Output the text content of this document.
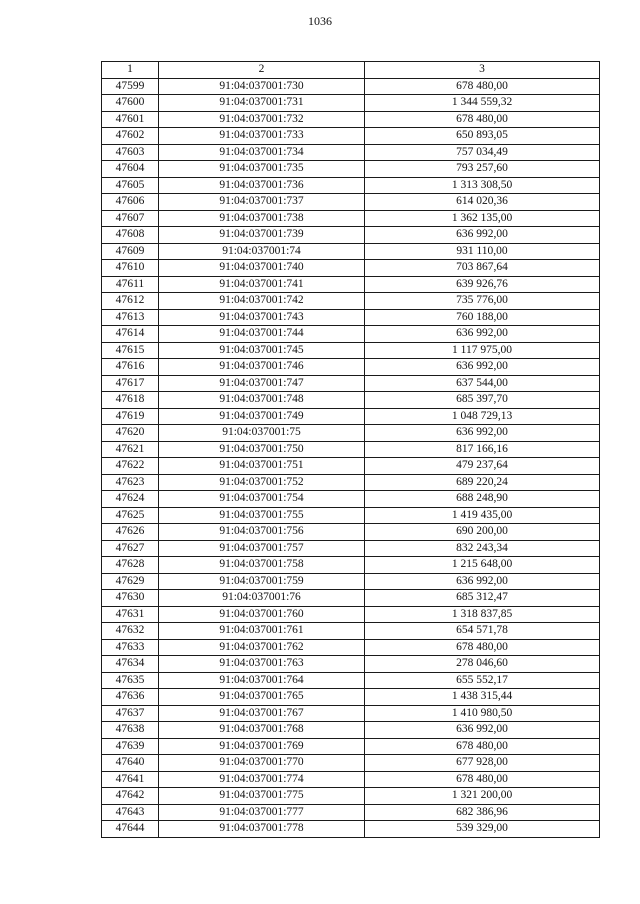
1036
1	2	3
47599	91:04:037001:730	678 480,00
47600	91:04:037001:731	1 344 559,32
47601	91:04:037001:732	678 480,00
47602	91:04:037001:733	650 893,05
47603	91:04:037001:734	757 034,49
47604	91:04:037001:735	793 257,60
47605	91:04:037001:736	1 313 308,50
47606	91:04:037001:737	614 020,36
47607	91:04:037001:738	1 362 135,00
47608	91:04:037001:739	636 992,00
47609	91:04:037001:74	931 110,00
47610	91:04:037001:740	703 867,64
47611	91:04:037001:741	639 926,76
47612	91:04:037001:742	735 776,00
47613	91:04:037001:743	760 188,00
47614	91:04:037001:744	636 992,00
47615	91:04:037001:745	1 117 975,00
47616	91:04:037001:746	636 992,00
47617	91:04:037001:747	637 544,00
47618	91:04:037001:748	685 397,70
47619	91:04:037001:749	1 048 729,13
47620	91:04:037001:75	636 992,00
47621	91:04:037001:750	817 166,16
47622	91:04:037001:751	479 237,64
47623	91:04:037001:752	689 220,24
47624	91:04:037001:754	688 248,90
47625	91:04:037001:755	1 419 435,00
47626	91:04:037001:756	690 200,00
47627	91:04:037001:757	832 243,34
47628	91:04:037001:758	1 215 648,00
47629	91:04:037001:759	636 992,00
47630	91:04:037001:76	685 312,47
47631	91:04:037001:760	1 318 837,85
47632	91:04:037001:761	654 571,78
47633	91:04:037001:762	678 480,00
47634	91:04:037001:763	278 046,60
47635	91:04:037001:764	655 552,17
47636	91:04:037001:765	1 438 315,44
47637	91:04:037001:767	1 410 980,50
47638	91:04:037001:768	636 992,00
47639	91:04:037001:769	678 480,00
47640	91:04:037001:770	677 928,00
47641	91:04:037001:774	678 480,00
47642	91:04:037001:775	1 321 200,00
47643	91:04:037001:777	682 386,96
47644	91:04:037001:778	539 329,00
